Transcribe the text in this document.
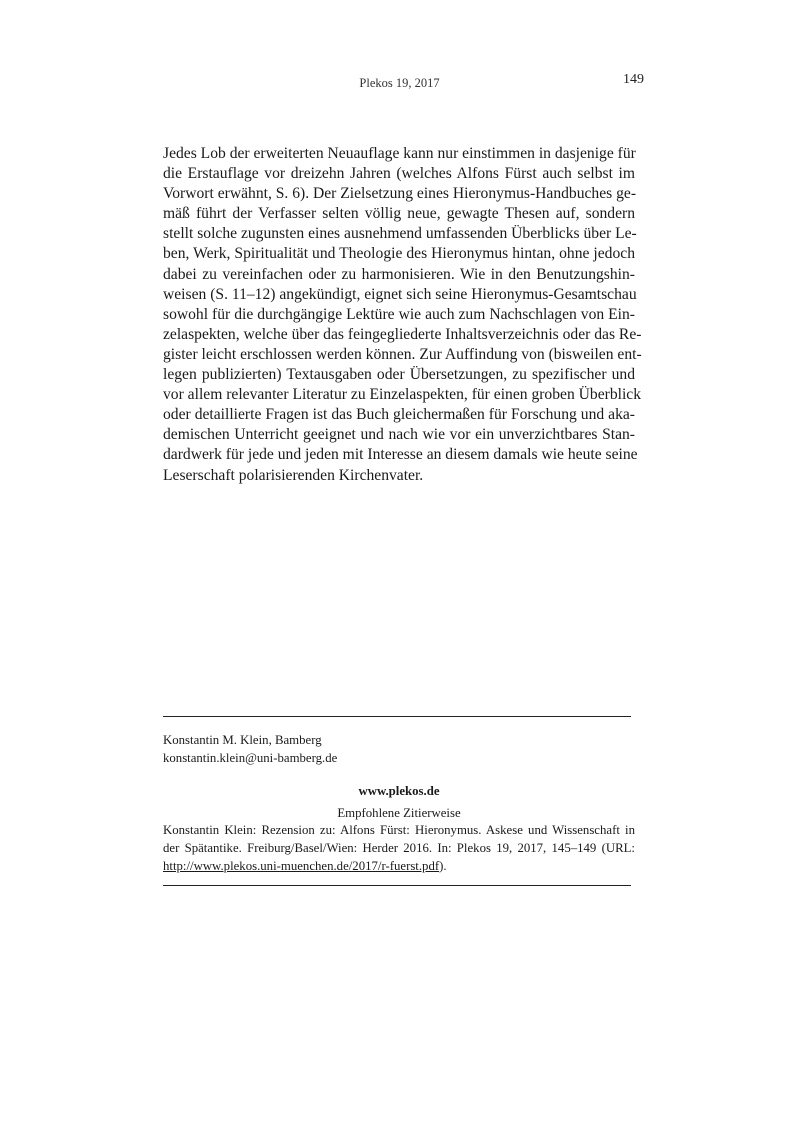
Plekos 19, 2017	149
Jedes Lob der erweiterten Neuauflage kann nur einstimmen in dasjenige für
die Erstauflage vor dreizehn Jahren (welches Alfons Fürst auch selbst im
Vorwort erwähnt, S. 6). Der Zielsetzung eines Hieronymus-Handbuches ge-
mäß führt der Verfasser selten völlig neue, gewagte Thesen auf, sondern
stellt solche zugunsten eines ausnehmend umfassenden Überblicks über Le-
ben, Werk, Spiritualität und Theologie des Hieronymus hintan, ohne jedoch
dabei zu vereinfachen oder zu harmonisieren. Wie in den Benutzungshin-
weisen (S. 11–12) angekündigt, eignet sich seine Hieronymus-Gesamtschau
sowohl für die durchgängige Lektüre wie auch zum Nachschlagen von Ein-
zelaspekten, welche über das feingegliederte Inhaltsverzeichnis oder das Re-
gister leicht erschlossen werden können. Zur Auffindung von (bisweilen ent-
legen publizierten) Textausgaben oder Übersetzungen, zu spezifischer und
vor allem relevanter Literatur zu Einzelaspekten, für einen groben Überblick
oder detaillierte Fragen ist das Buch gleichermaßen für Forschung und aka-
demischen Unterricht geeignet und nach wie vor ein unverzichtbares Stan-
dardwerk für jede und jeden mit Interesse an diesem damals wie heute seine
Leserschaft polarisierenden Kirchenvater.
Konstantin M. Klein, Bamberg
konstantin.klein@uni-bamberg.de
www.plekos.de
Empfohlene Zitierweise
Konstantin Klein: Rezension zu: Alfons Fürst: Hieronymus. Askese und Wissenschaft in
der Spätantike. Freiburg/Basel/Wien: Herder 2016. In: Plekos 19, 2017, 145–149 (URL:
http://www.plekos.uni-muenchen.de/2017/r-fuerst.pdf).
